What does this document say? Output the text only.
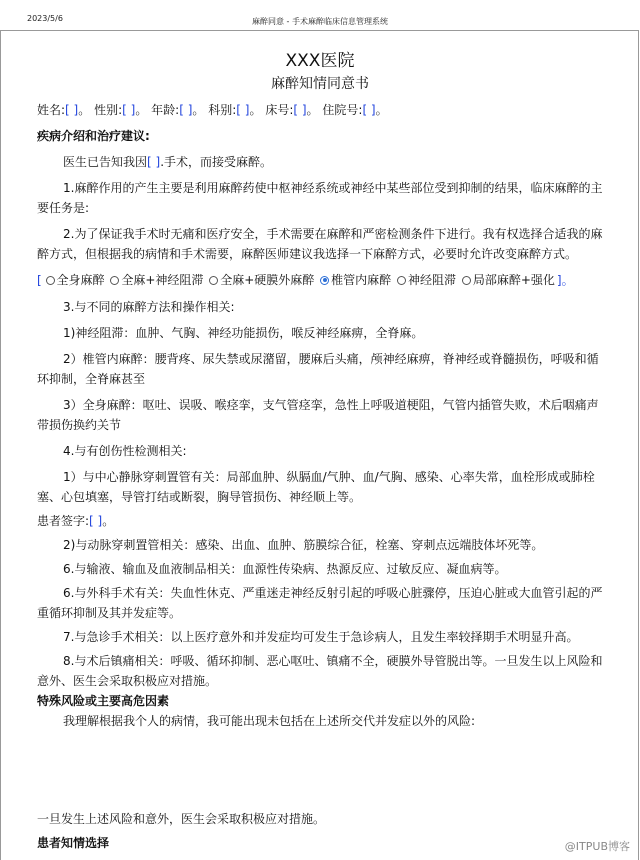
2023/5/6	麻醉同意 - 手术麻醉临床信息管理系统
XXX医院
麻醉知情同意书
姓名:[ ]。 性别:[ ]。 年龄:[ ]。 科别:[ ]。 床号:[ ]。 住院号:[ ]。
疾病介绍和治疗建议:
医生已告知我因[ ].手术，而接受麻醉。
1.麻醉作用的产生主要是利用麻醉药使中枢神经系统或神经中某些部位受到抑制的结果，临床麻醉的主要任务是:
2.为了保证我手术时无痛和医疗安全，手术需要在麻醉和严密检测条件下进行。我有权选择合适我的麻醉方式，但根据我的病情和手术需要，麻醉医师建议我选择一下麻醉方式，必要时允许改变麻醉方式。
[ 全身麻醉
全麻+神经阻滞
全麻+硬膜外麻醉
椎管内麻醉
神经阻滞
局部麻醉+强化 ]。
3.与不同的麻醉方法和操作相关:
1)神经阻滞：血肿、气胸、神经功能损伤，喉反神经麻痹，全脊麻。
2）椎管内麻醉：腰背疼、尿失禁或尿潴留，腰麻后头痛，颅神经麻痹，脊神经或脊髓损伤，呼吸和循环抑制，全脊麻甚至
3）全身麻醉：呕吐、误吸、喉痉挛，支气管痉挛，急性上呼吸道梗阻，气管内插管失败，术后咽痛声带损伤换约关节
4.与有创伤性检测相关:
1）与中心静脉穿刺置管有关：局部血肿、纵膈血/气肿、血/气胸、感染、心率失常，血栓形成或肺栓塞、心包填塞，导管打结或断裂，胸导管损伤、神经顺上等。
患者签字:[ ]。
2)与动脉穿刺置管相关：感染、出血、血肿、筋膜综合征，栓塞、穿刺点远端肢体坏死等。
6.与输液、输血及血液制品相关：血源性传染病、热源反应、过敏反应、凝血病等。
6.与外科手术有关：失血性休克、严重迷走神经反射引起的呼吸心脏骤停，压迫心脏或大血管引起的严重循环抑制及其并发症等。
7.与急诊手术相关：以上医疗意外和并发症均可发生于急诊病人，且发生率较择期手术明显升高。
8.与术后镇痛相关：呼吸、循环抑制、恶心呕吐、镇痛不全，硬膜外导管脱出等。一旦发生以上风险和意外、医生会采取积极应对措施。
特殊风险或主要高危因素
我理解根据我个人的病情，我可能出现未包括在上述所交代并发症以外的风险:
一旦发生上述风险和意外，医生会采取积极应对措施。
患者知情选择	@ITPUB博客
